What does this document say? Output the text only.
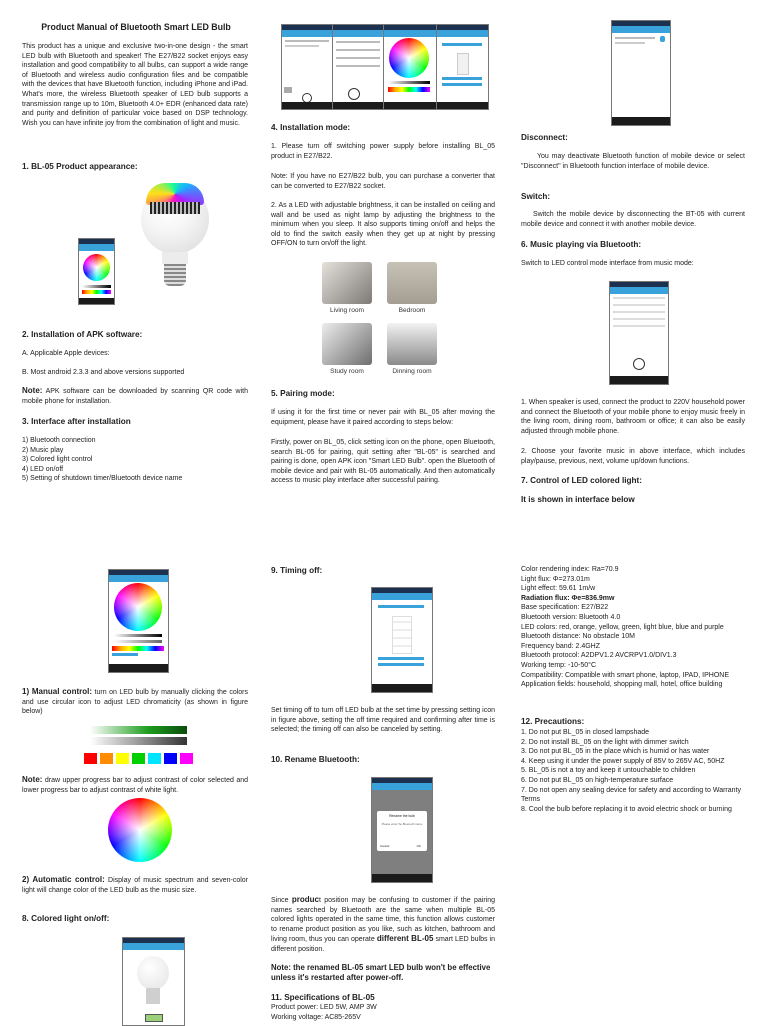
Product Manual of Bluetooth Smart LED Bulb

This product has a unique and exclusive two-in-one design - the smart LED bulb with Bluetooth and speaker! The E27/B22 socket enjoys easy installation and good compatibility to all bulbs, can support a wide range of Bluetooth and wireless audio configuration files and be compatible with the devices that have Bluetooth function, including iPhone and iPad. What's more, the wireless Bluetooth speaker of LED bulb supports a transmission range up to 10m, Bluetooth 4.0+ EDR (enhanced data rate) and purity and definition of particular voice based on DSP technology. Wish you can have infinite joy from the combination of light and music.

1. BL-05 Product appearance:
2. Installation of APK software:

A. Applicable Apple devices:

B. Most android 2.3.3 and above versions supported

Note: APK software can be downloaded by scanning QR code with mobile phone for installation.

3. Interface after installation
1) Bluetooth connection
2) Music play
3) Colored light control
4) LED on/off
5) Setting of shutdown timer/Bluetooth device name
4. Installation mode:

1. Please turn off switching power supply before installing BL_05 product in E27/B22.

Note: If you have no E27/B22 bulb, you can purchase a converter that can be converted to E27/B22 socket.

2. As a LED with adjustable brightness, it can be installed on ceiling and wall and be used as night lamp by adjusting the brightness to the minimum when you sleep. It also supports timing on/off and helps the old to find the switch easily when they get up at night by pressing OFF/ON to turn on/off the light.

Living room	Bedroom
Study room	Dinning room
5. Pairing mode:

If using it for the first time or never pair with BL_05 after moving the equipment, please have it paired according to steps below:

Firstly, power on BL_05, click setting icon on the phone, open Bluetooth, search BL-05 for pairing, quit setting after "BL-05" is searched and pairing is done, open APK icon "Smart LED Bulb". open the Bluetooth of mobile device and pair with BL-05 automatically. And then automatically access to music play interface after successful pairing.

Disconnect:

You may deactivate Bluetooth function of mobile device or select "Disconnect" in Bluetooth function interface of mobile device.

Switch:

Switch the mobile device by disconnecting the BT-05 with current mobile device and connect it with another mobile device.

6. Music playing via Bluetooth:

Switch to LED control mode interface from music mode:

1. When speaker is used, connect the product to 220V household power and connect the Bluetooth of your mobile phone to enjoy music freely in the living room, dining room, bathroom or office; it can also be easily adjusted through mobile phone.

2. Choose your favorite music in above interface, which includes play/pause, previous, next, volume up/down functions.

7. Control of LED colored light:
It is shown in interface below

1) Manual control: turn on LED bulb by manually clicking the colors and use circular icon to adjust LED chromaticity (as shown in figure below)

Note: draw upper progress bar to adjust contrast of color selected and lower progress bar to adjust contrast of white light.

2) Automatic control: Display of music spectrum and seven-color light will change color of the LED bulb as the music size.

8. Colored light on/off:
9. Timing off:

Set timing off to turn off LED bulb at the set time by pressing setting icon in figure above, setting the off time required and confirming after time is selected; the timing off can also be canceled by setting.

10. Rename Bluetooth:
Rename the bulb
Please enter the Bluetooth name
Cancel	OK

Since product position may be confusing to customer if the pairing names searched by Bluetooth are the same when multiple BL-05 colored lights operated in the same time, this function allows customer to rename product position as you like, such as kitchen, bathroom and living room, thus you can operate different BL-05 smart LED bulbs in different position.

Note: the renamed BL-05 smart LED bulb won't be effective unless it's restarted after power-off.

11. Specifications of BL-05
Product power: LED 5W, AMP 3W
Working voltage: AC85-265V
Color rendering index: Ra=70.9
Light flux: Φ=273.01m
Light effect: 59.61 1m/w
Radiation flux: Φe=836.9mw
Base specification: E27/B22
Bluetooth version: Bluetooth 4.0
LED colors: red, orange, yellow, green, light blue, blue and purple
Bluetooth distance: No obstacle 10M
Frequency band: 2.4GHZ
Bluetooth protocol: A2DPV1.2 AVCRPV1.0/DIV1.3
Working temp: -10-50°C
Compatibility: Compatible with smart phone, laptop, IPAD, IPHONE
Application fields: household, shopping mall, hotel, office building
12. Precautions:
1. Do not put BL_05 in closed lampshade
2. Do not install BL_05 on the light with dimmer switch
3. Do not put BL_05 in the place which is humid or has water
4. Keep using it under the power supply of 85V to 265V AC, 50HZ
5. BL_05 is not a toy and keep it untouchable to children
6. Do not put BL_05 on high-temperature surface
7. Do not open any sealing device for safety and according to Warranty Terms
8. Cool the bulb before replacing it to avoid electric shock or burning
